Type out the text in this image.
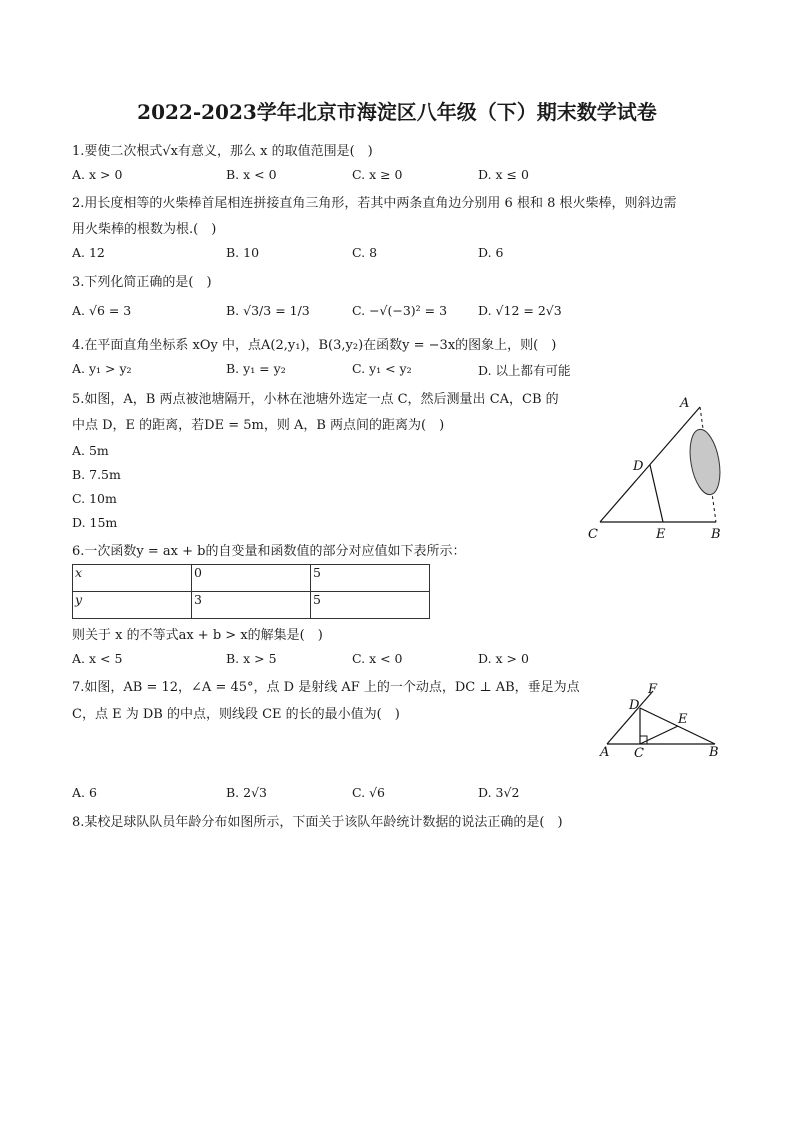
2022-2023学年北京市海淀区八年级（下）期末数学试卷
1.要使二次根式√x有意义，那么 x 的取值范围是(　)
A. x > 0	B. x < 0	C. x ≥ 0	D. x ≤ 0
2.用长度相等的火柴棒首尾相连拼接直角三角形，若其中两条直角边分别用 6 根和 8 根火柴棒，则斜边需
用火柴棒的根数为根.(　)
A. 12	B. 10	C. 8	D. 6
3.下列化简正确的是(　)
A. √6 = 3	B. √3/3 = 1/3	C. −√(−3)² = 3 D. √12 = 2√3
4.在平面直角坐标系 xOy 中，点A(2,y₁)，B(3,y₂)在函数y = −3x的图象上，则(　)
A. y₁ > y₂	B. y₁ = y₂	C. y₁ < y₂	D. 以上都有可能
5.如图，A，B 两点被池塘隔开，小林在池塘外选定一点 C，然后测量出 CA，CB 的
中点 D，E 的距离，若DE = 5m，则 A，B 两点间的距离为(　)
A. 5m
B. 7.5m
C. 10m
D. 15m
A
B
C
D
E
6.一次函数y = ax + b的自变量和函数值的部分对应值如下表所示：
x	0	5
y	3	5
则关于 x 的不等式ax + b > x的解集是(　)
A. x < 5	B. x > 5	C. x < 0	D. x > 0
7.如图，AB = 12，∠A = 45°，点 D 是射线 AF 上的一个动点，DC ⊥ AB，垂足为点
C，点 E 为 DB 的中点，则线段 CE 的长的最小值为(　)
A	B
C
D
E
F
A. 6	B. 2√3	C. √6	D. 3√2
8.某校足球队队员年龄分布如图所示，下面关于该队年龄统计数据的说法正确的是(　)
